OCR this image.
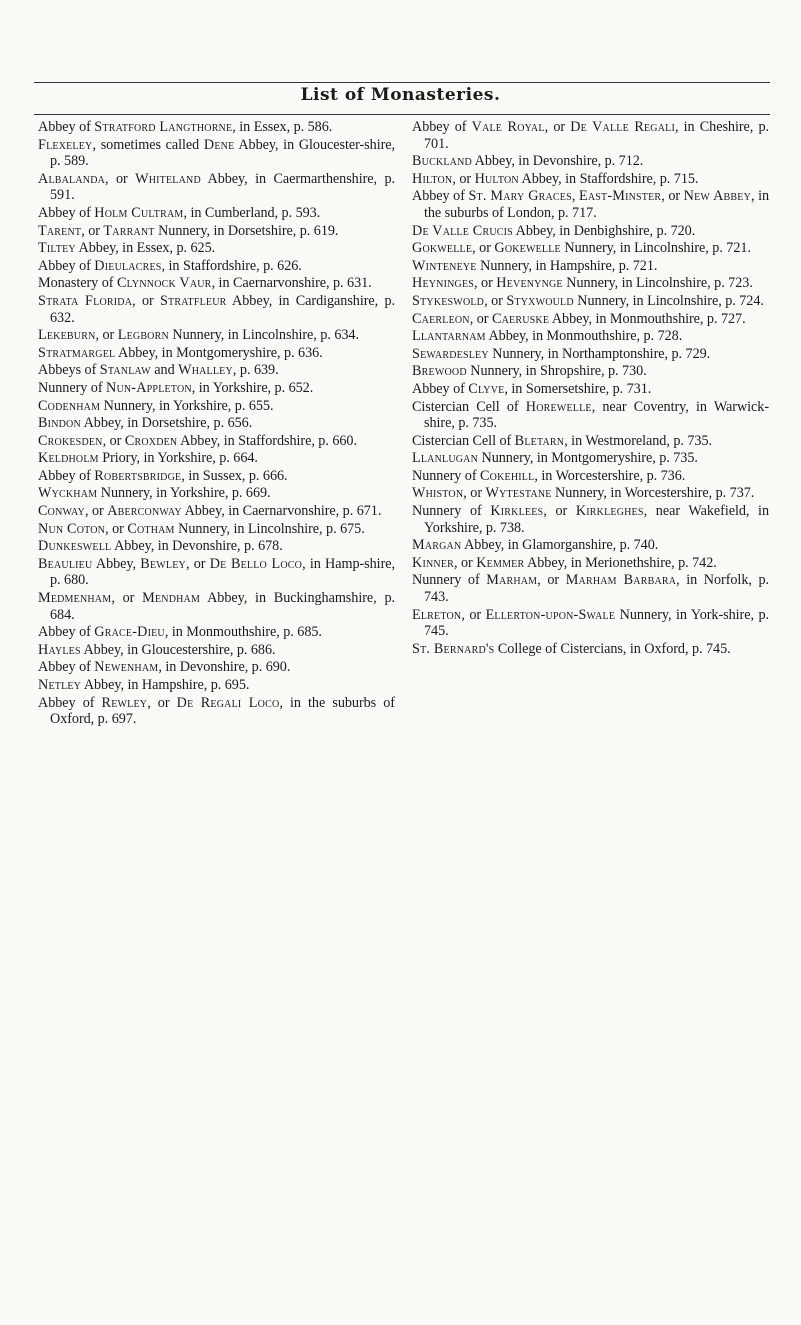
List of Monasteries.

Abbey of Stratford Langthorne, in Essex, p. 586.

Flexeley, sometimes called Dene Abbey, in Gloucester-shire, p. 589.

Albalanda, or Whiteland Abbey, in Caermarthenshire, p. 591.

Abbey of Holm Cultram, in Cumberland, p. 593.

Tarent, or Tarrant Nunnery, in Dorsetshire, p. 619.

Tiltey Abbey, in Essex, p. 625.

Abbey of Dieulacres, in Staffordshire, p. 626.

Monastery of Clynnock Vaur, in Caernarvonshire, p. 631.

Strata Florida, or Stratfleur Abbey, in Cardiganshire, p. 632.

Lekeburn, or Legborn Nunnery, in Lincolnshire, p. 634.

Stratmargel Abbey, in Montgomeryshire, p. 636.

Abbeys of Stanlaw and Whalley, p. 639.

Nunnery of Nun-Appleton, in Yorkshire, p. 652.

Codenham Nunnery, in Yorkshire, p. 655.

Bindon Abbey, in Dorsetshire, p. 656.

Crokesden, or Croxden Abbey, in Staffordshire, p. 660.

Keldholm Priory, in Yorkshire, p. 664.

Abbey of Robertsbridge, in Sussex, p. 666.

Wyckham Nunnery, in Yorkshire, p. 669.

Conway, or Aberconway Abbey, in Caernarvonshire, p. 671.

Nun Coton, or Cotham Nunnery, in Lincolnshire, p. 675.

Dunkeswell Abbey, in Devonshire, p. 678.

Beaulieu Abbey, Bewley, or De Bello Loco, in Hamp-shire, p. 680.

Medmenham, or Mendham Abbey, in Buckinghamshire, p. 684.

Abbey of Grace-Dieu, in Monmouthshire, p. 685.

Hayles Abbey, in Gloucestershire, p. 686.

Abbey of Newenham, in Devonshire, p. 690.

Netley Abbey, in Hampshire, p. 695.

Abbey of Rewley, or De Regali Loco, in the suburbs of Oxford, p. 697.

Abbey of Vale Royal, or De Valle Regali, in Cheshire, p. 701.

Buckland Abbey, in Devonshire, p. 712.

Hilton, or Hulton Abbey, in Staffordshire, p. 715.

Abbey of St. Mary Graces, East-Minster, or New Abbey, in the suburbs of London, p. 717.

De Valle Crucis Abbey, in Denbighshire, p. 720.

Gokwelle, or Gokewelle Nunnery, in Lincolnshire, p. 721.

Winteneye Nunnery, in Hampshire, p. 721.

Heyninges, or Hevenynge Nunnery, in Lincolnshire, p. 723.

Stykeswold, or Styxwould Nunnery, in Lincolnshire, p. 724.

Caerleon, or Caeruske Abbey, in Monmouthshire, p. 727.

Llantarnam Abbey, in Monmouthshire, p. 728.

Sewardesley Nunnery, in Northamptonshire, p. 729.

Brewood Nunnery, in Shropshire, p. 730.

Abbey of Clyve, in Somersetshire, p. 731.

Cistercian Cell of Horewelle, near Coventry, in Warwick-shire, p. 735.

Cistercian Cell of Bletarn, in Westmoreland, p. 735.

Llanlugan Nunnery, in Montgomeryshire, p. 735.

Nunnery of Cokehill, in Worcestershire, p. 736.

Whiston, or Wytestane Nunnery, in Worcestershire, p. 737.

Nunnery of Kirklees, or Kirkleghes, near Wakefield, in Yorkshire, p. 738.

Margan Abbey, in Glamorganshire, p. 740.

Kinner, or Kemmer Abbey, in Merionethshire, p. 742.

Nunnery of Marham, or Marham Barbara, in Norfolk, p. 743.

Elreton, or Ellerton-upon-Swale Nunnery, in York-shire, p. 745.

St. Bernard's College of Cistercians, in Oxford, p. 745.
